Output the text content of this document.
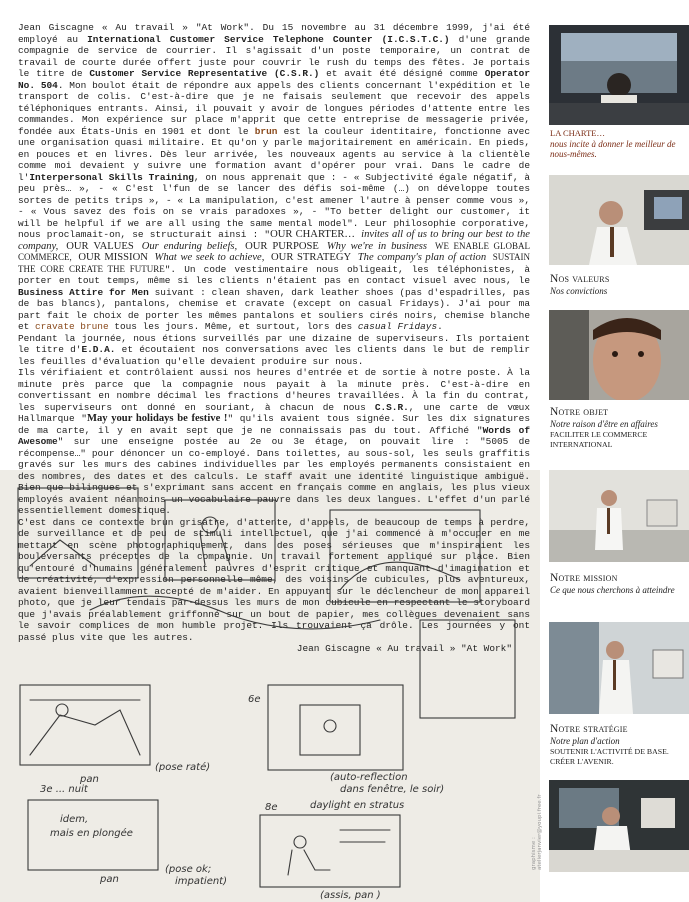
Jean Giscagne « Au travail » "At Work". Du 15 novembre au 31 décembre 1999, j'ai été employé au International Customer Service Telephone Counter (I.C.S.T.C.) d'une grande compagnie de service de courrier. Il s'agissait d'un poste temporaire, un contrat de travail de courte durée offert juste pour couvrir le rush du temps des fêtes. Je portais le titre de Customer Service Representative (C.S.R.) et avait été désigné comme Operator No. 504. Mon boulot était de répondre aux appels des clients concernant l'expédition et le transport de colis. C'est-à-dire que je ne faisais seulement que recevoir des appels téléphoniques entrants. Ainsi, il pouvait y avoir de longues périodes d'attente entre les commandes. Mon expérience sur place m'apprit que cette entreprise de messagerie privée, fondée aux États-Unis en 1901 et dont le brun est la couleur identitaire, fonctionne avec une organisation quasi militaire. Et qu'on y parle majoritairement en américain. En pieds, en pouces et en livres. Dès leur arrivée, les nouveaux agents au service à la clientèle comme moi devaient y suivre une formation avant d'opérer pour vrai. Dans le cadre de l'Interpersonal Skills Training, on nous apprenait que : - « Subjectivité égale négatif, à peu près… », - « C'est l'fun de se lancer des défis soi-même (…) on développe toutes sortes de petits trips », - « La manipulation, c'est amener l'autre à penser comme vous », - « Vous savez des fois on se vrais paradoxes », - "To better delight our customer, it will be helpful if we are all using the same mental model". Leur philosophie corporative, nous proclamait-on, se structurait ainsi : "OUR CHARTER… invites all of us to bring our best to the company, OUR VALUES Our enduring beliefs, OUR PURPOSE Why we're in business WE ENABLE GLOBAL COMMERCE, OUR MISSION What we seek to achieve, OUR STRATEGY The company's plan of action SUSTAIN THE CORE CREATE THE FUTURE". Un code vestimentaire nous obligeait, les téléphonistes, à porter en tout temps, même si les clients n'étaient pas en contact visuel avec nous, le Business Attire for Men suivant : clean shaven, dark leather shoes (pas d'espadrilles, pas de bas blancs), pantalons, chemise et cravate (except on casual Fridays). J'ai pour ma part fait le choix de porter les mêmes pantalons et souliers cirés noirs, chemise blanche et cravate brune tous les jours. Même, et surtout, lors des casual Fridays.

Pendant la journée, nous étions surveillés par une dizaine de superviseurs. Ils portaient le titre d'E.D.A. et écoutaient nos conversations avec les clients dans le but de remplir les feuilles d'évaluation qu'elle devaient produire sur nous.

Ils vérifiaient et contrôlaient aussi nos heures d'entrée et de sortie à notre poste. À la minute près parce que la compagnie nous payait à la minute près. C'est-à-dire en convertissant en nombre décimal les fractions d'heures travaillées. À la fin du contrat, les superviseurs ont donné en souriant, à chacun de nous C.S.R., une carte de vœux Hallmarque "May your holidays be festive !" qu'ils avaient tous signée. Sur les dix signatures de ma carte, il y en avait sept que je ne connaissais pas du tout. Affiché "Words of Awesome" sur une enseigne postée au 2e ou 3e étage, on pouvait lire : "5005 de récompense…" pour dénoncer un co-employé. Dans toilettes, au sous-sol, les seuls graffitis gravés sur les murs des cabines individuelles par les employés permanents consistaient en des nombres, des dates et des calculs. Le staff avait une identité linguistique ambiguë. Bien que bilingues et s'exprimant sans accent en français comme en anglais, les plus vieux employés avaient néanmoins un vocabulaire pauvre dans les deux langues. L'effet d'un parlé essentiellement domestique.

C'est dans ce contexte brun grisâtre, d'attente, d'appels, de beaucoup de temps à perdre, de surveillance et de peu de stimuli intellectuel, que j'ai commencé à m'occuper en me mettant en scène photographiquement, dans des poses sérieuses que m'inspiraient les bouleversants préceptes de la compagnie. Un travail fortement appliqué sur place. Bien qu'entouré d'humains généralement pauvres d'esprit critique et manquant d'imagination et de créativité, d'expression personnelle même, des voisins de cubicules, plus aventureux, avaient bienveillamment accepté de m'aider. En appuyant sur le déclencheur de mon appareil photo, que je leur tendais par-dessus les murs de mon cubicule en respectant le storyboard que j'avais préalablement griffonné sur un bout de papier, mes collègues devenaient sans le savoir complices de mon humble projet. Ils trouvaient ça drôle. Les journées y ont passé plus vite que les autres.

Jean Giscagne « Au travail » "At Work"

pan
(pose raté)
6e
(auto-reflection
dans fenêtre, le soir)
3e ... nuit
idem,
mais en plongée
pan
(pose ok;
impatient)
8e	daylight en stratus
(assis, pan )
graphisme : atelierjanvier@youpi.free.fr
LA CHARTE…
nous incite à donner le meilleur de nous-mêmes.
Nos valeurs
Nos convictions
Notre objet
Notre raison d'être en affaires
FACILITER LE COMMERCE INTERNATIONAL
Notre mission
Ce que nous cherchons à atteindre
Notre stratégie
Notre plan d'action
SOUTENIR L'ACTIVITÉ DE BASE.
CRÉER L'AVENIR.
